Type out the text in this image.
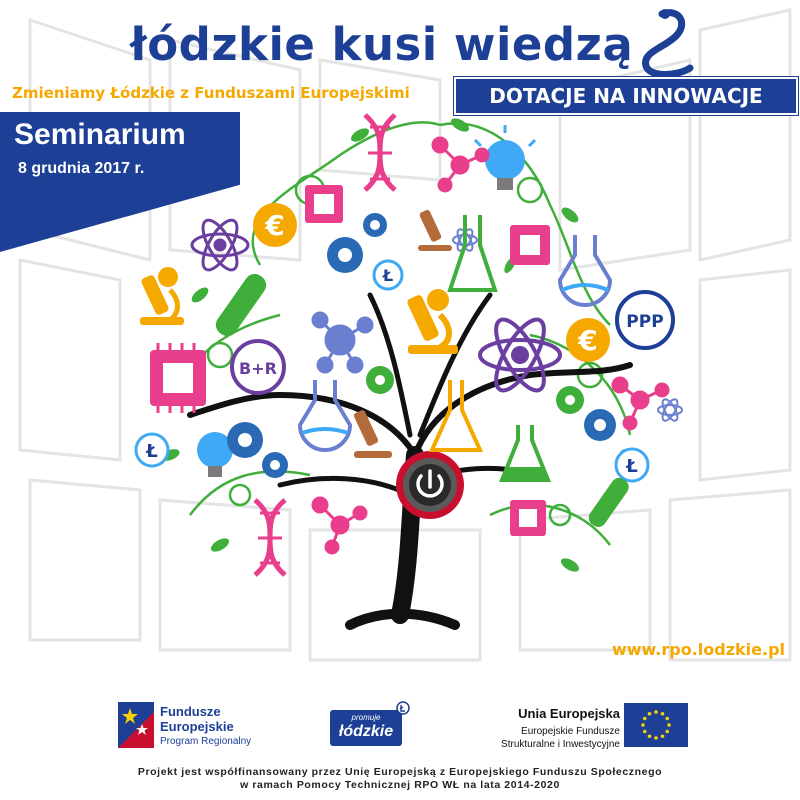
łódzkie kusi wiedzą
Zmieniamy Łódzkie z Funduszami Europejskimi	DOTACJE NA INNOWACJE
Seminarium
8 grudnia 2017 r.
€
€
Ł
Ł
Ł
B+R
PPP
www.rpo.lodzkie.pl
Fundusze
Europejskie
Program Regionalny
promuje
łódzkie
Unia Europejska
Europejskie Fundusze
Strukturalne i Inwestycyjne
Projekt jest współfinansowany przez Unię Europejską z Europejskiego Funduszu Społecznego
w ramach Pomocy Technicznej RPO WŁ na lata 2014-2020
